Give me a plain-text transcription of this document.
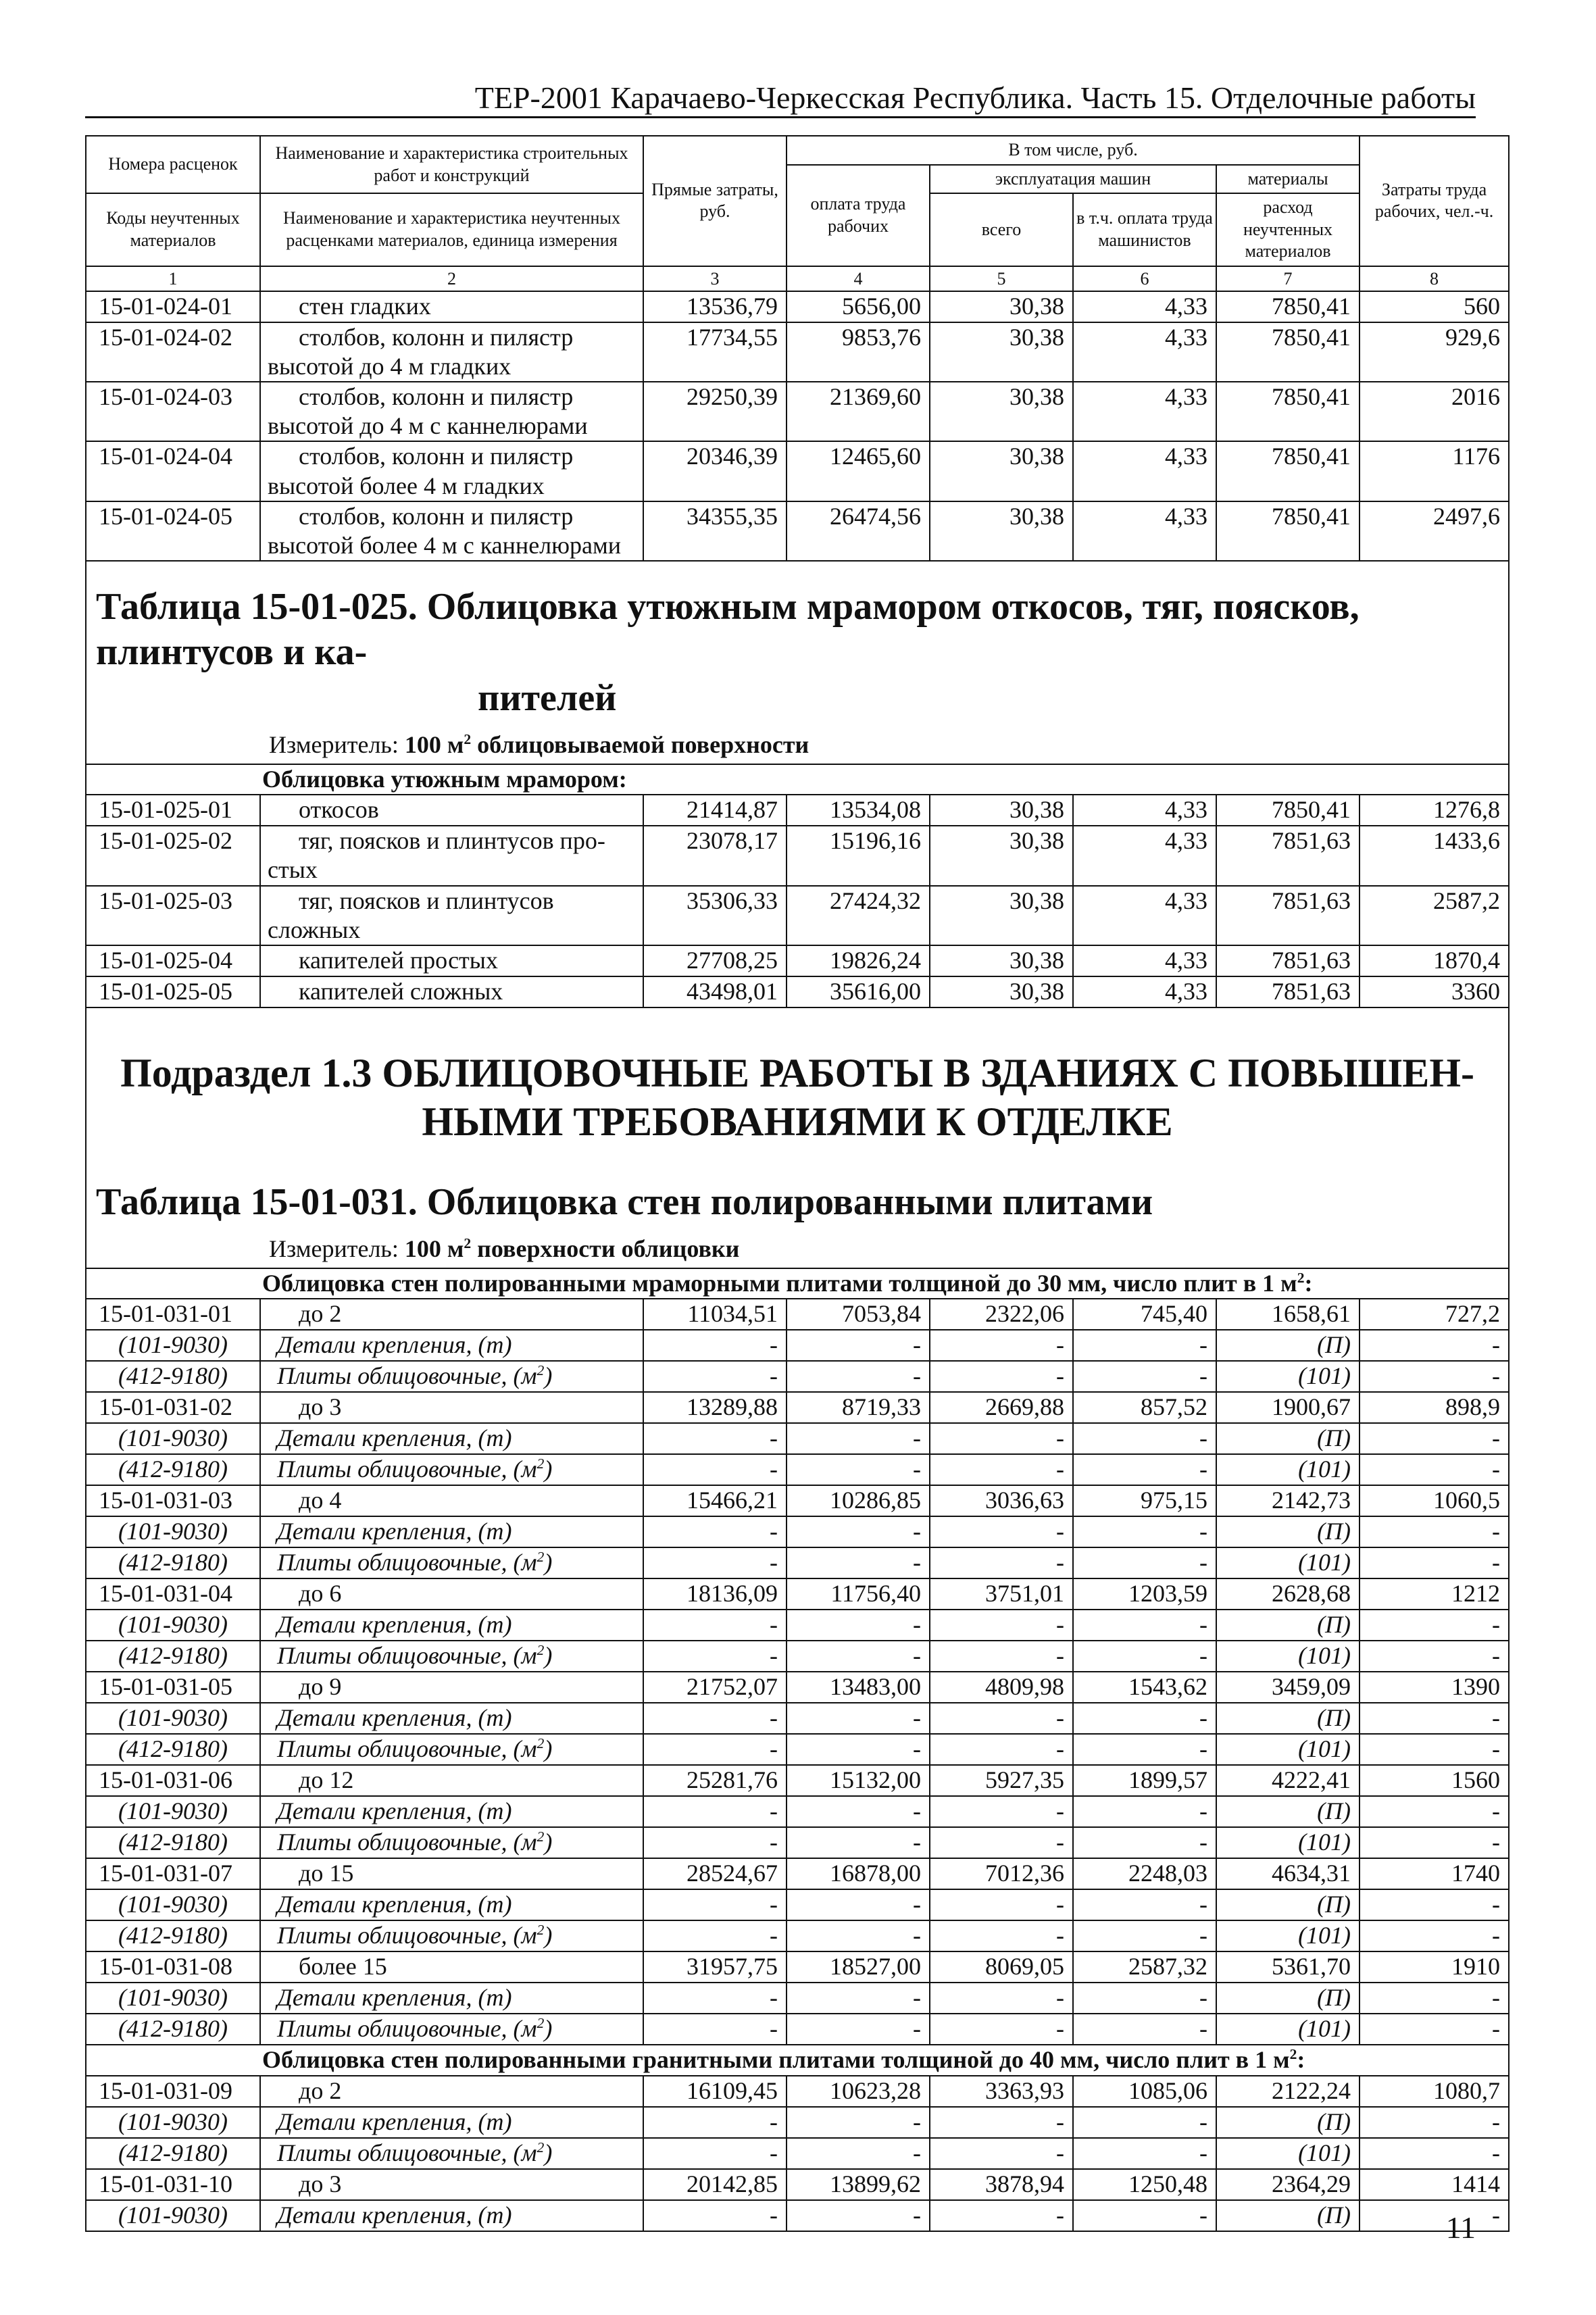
ТЕР-2001 Карачаево-Черкесская Республика. Часть 15. Отделочные работы
Номера расценок	Наименование и характеристика строительных работ и конструкций	Прямые затраты, руб.	В том числе, руб.				Затраты труда рабочих, чел.-ч.
			оплата труда рабочих	эксплуатация машин		материалы	
Коды неучтенных материалов	Наименование и характеристика неучтенных расценками материалов, единица измерения			всего	в т.ч. оплата труда машинистов	расход неучтенных материалов	
1	2	3	4	5	6	7	8
15-01-024-01	стен гладких	13536,79	5656,00	30,38	4,33	7850,41	560
15-01-024-02	столбов, колонн и пилястр
высотой до 4 м гладких	17734,55	9853,76	30,38	4,33	7850,41	929,6
15-01-024-03	столбов, колонн и пилястр
высотой до 4 м с каннелюрами	29250,39	21369,60	30,38	4,33	7850,41	2016
15-01-024-04	столбов, колонн и пилястр
высотой более 4 м гладких	20346,39	12465,60	30,38	4,33	7850,41	1176
15-01-024-05	столбов, колонн и пилястр
высотой более 4 м с каннелюрами	34355,35	26474,56	30,38	4,33	7850,41	2497,6

Таблица 15-01-025. Облицовка утюжным мрамором откосов, тяг, поясков, плинтусов и ка-
пителей
Измеритель: 100 $м^2$ облицовываемой поверхности							

Облицовка утюжным мрамором:							
15-01-025-01	откосов	21414,87	13534,08	30,38	4,33	7850,41	1276,8
15-01-025-02	тяг, поясков и плинтусов про-
стых	23078,17	15196,16	30,38	4,33	7851,63	1433,6
15-01-025-03	тяг, поясков и плинтусов
сложных	35306,33	27424,32	30,38	4,33	7851,63	2587,2
15-01-025-04	капителей простых	27708,25	19826,24	30,38	4,33	7851,63	1870,4
15-01-025-05	капителей сложных	43498,01	35616,00	30,38	4,33	7851,63	3360

Подраздел 1.3 ОБЛИЦОВОЧНЫЕ РАБОТЫ В ЗДАНИЯХ С ПОВЫШЕН-
НЫМИ ТРЕБОВАНИЯМИ К ОТДЕЛКЕ
Таблица 15-01-031. Облицовка стен полированными плитами
Измеритель: 100 $м^2$ поверхности облицовки							

Облицовка стен полированными мраморными плитами толщиной до 30 мм, число плит в 1 $м^2$:							
15-01-031-01	до 2	11034,51	7053,84	2322,06	745,40	1658,61	727,2
(101-9030)	Детали крепления, (т)	-	-	-	-	(П)	-
(412-9180)	Плиты облицовочные, $(м^2)$	-	-	-	-	(101)	-
15-01-031-02	до 3	13289,88	8719,33	2669,88	857,52	1900,67	898,9
(101-9030)	Детали крепления, (т)	-	-	-	-	(П)	-
(412-9180)	Плиты облицовочные, $(м^2)$	-	-	-	-	(101)	-
15-01-031-03	до 4	15466,21	10286,85	3036,63	975,15	2142,73	1060,5
(101-9030)	Детали крепления, (т)	-	-	-	-	(П)	-
(412-9180)	Плиты облицовочные, $(м^2)$	-	-	-	-	(101)	-
15-01-031-04	до 6	18136,09	11756,40	3751,01	1203,59	2628,68	1212
(101-9030)	Детали крепления, (т)	-	-	-	-	(П)	-
(412-9180)	Плиты облицовочные, $(м^2)$	-	-	-	-	(101)	-
15-01-031-05	до 9	21752,07	13483,00	4809,98	1543,62	3459,09	1390
(101-9030)	Детали крепления, (т)	-	-	-	-	(П)	-
(412-9180)	Плиты облицовочные, $(м^2)$	-	-	-	-	(101)	-
15-01-031-06	до 12	25281,76	15132,00	5927,35	1899,57	4222,41	1560
(101-9030)	Детали крепления, (т)	-	-	-	-	(П)	-
(412-9180)	Плиты облицовочные, $(м^2)$	-	-	-	-	(101)	-
15-01-031-07	до 15	28524,67	16878,00	7012,36	2248,03	4634,31	1740
(101-9030)	Детали крепления, (т)	-	-	-	-	(П)	-
(412-9180)	Плиты облицовочные, $(м^2)$	-	-	-	-	(101)	-
15-01-031-08	более 15	31957,75	18527,00	8069,05	2587,32	5361,70	1910
(101-9030)	Детали крепления, (т)	-	-	-	-	(П)	-
(412-9180)	Плиты облицовочные, $(м^2)$	-	-	-	-	(101)	-
Облицовка стен полированными гранитными плитами толщиной до 40 мм, число плит в 1 $м^2$:							
15-01-031-09	до 2	16109,45	10623,28	3363,93	1085,06	2122,24	1080,7
(101-9030)	Детали крепления, (т)	-	-	-	-	(П)	-
(412-9180)	Плиты облицовочные, $(м^2)$	-	-	-	-	(101)	-
15-01-031-10	до 3	20142,85	13899,62	3878,94	1250,48	2364,29	1414
(101-9030)	Детали крепления, (т)	-	-	-	-	(П)	-
11
